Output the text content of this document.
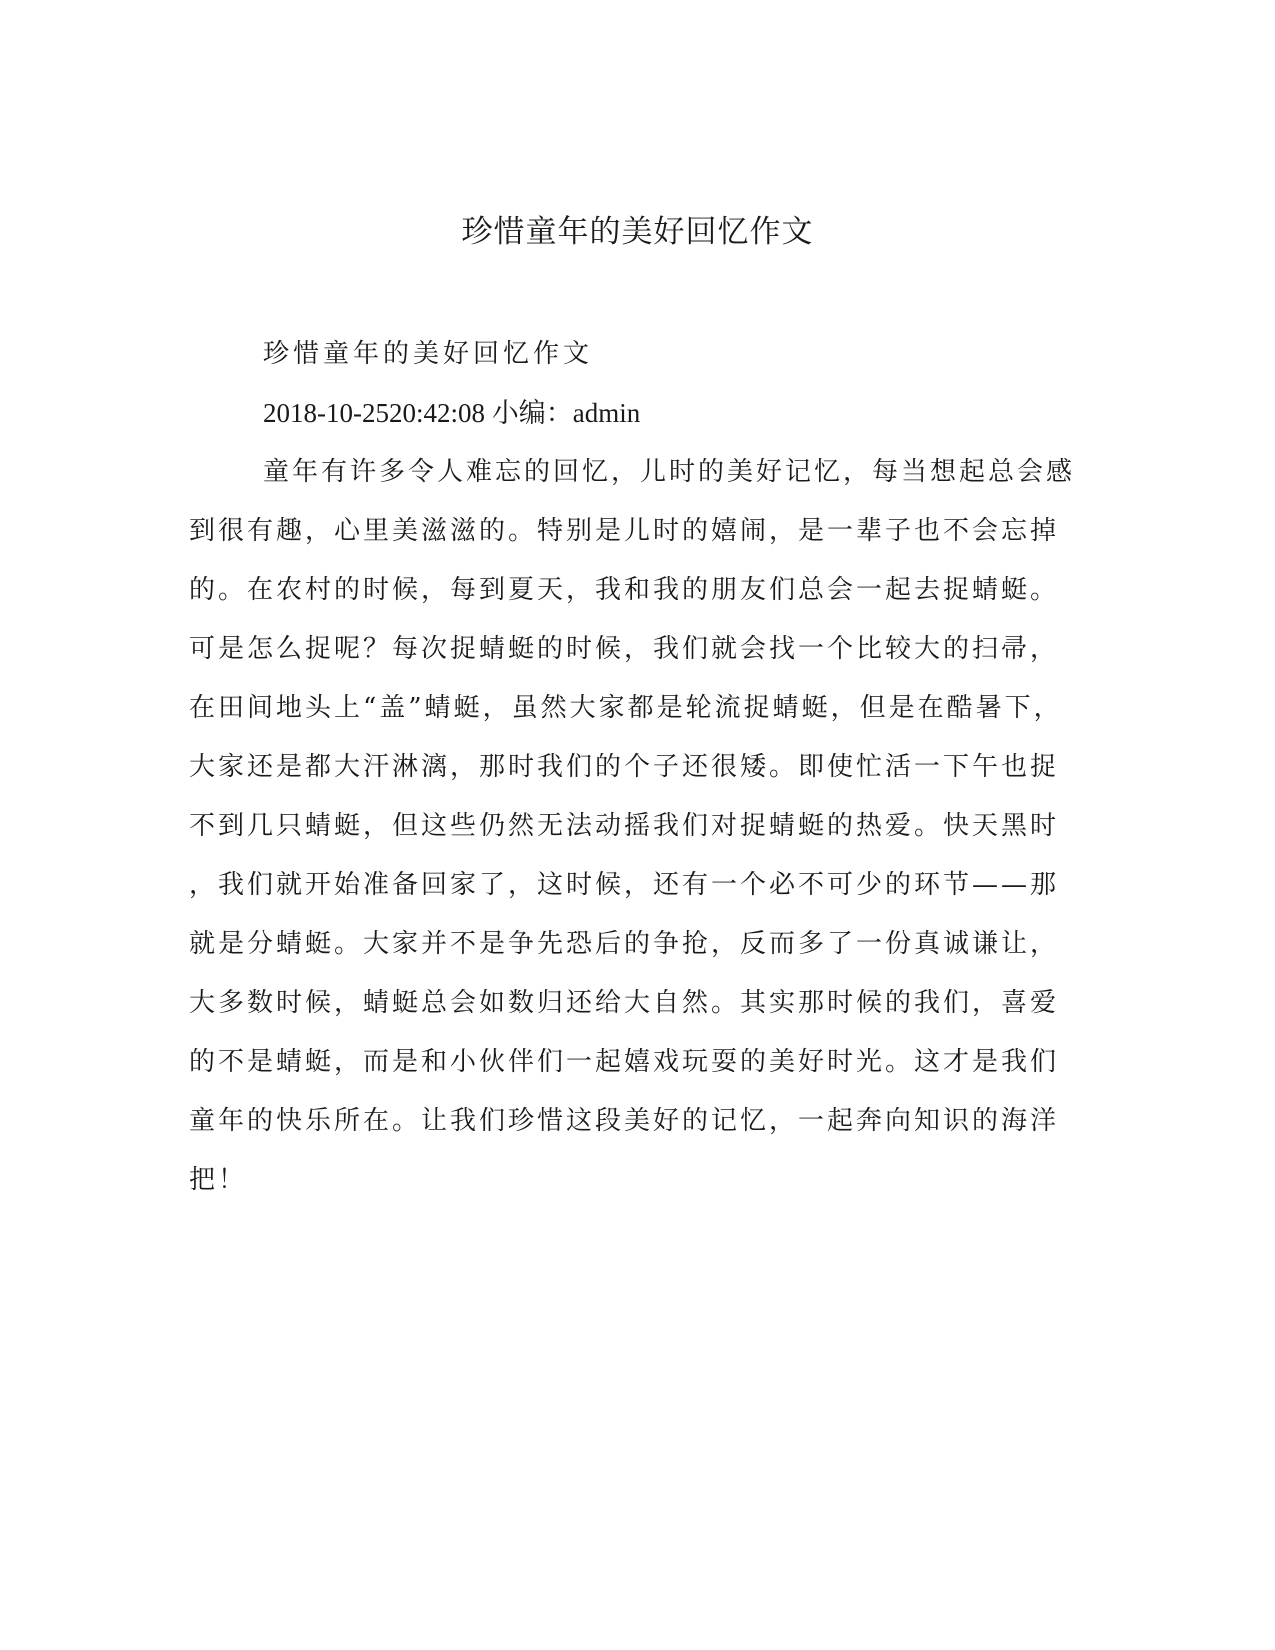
珍惜童年的美好回忆作文
珍惜童年的美好回忆作文
2018-10-2520:42:08 小编：admin
童年有许多令人难忘的回忆，儿时的美好记忆，每当想起总会感
到很有趣，心里美滋滋的。特别是儿时的嬉闹，是一辈子也不会忘掉
的。在农村的时候，每到夏天，我和我的朋友们总会一起去捉蜻蜓。
可是怎么捉呢？每次捉蜻蜓的时候，我们就会找一个比较大的扫帚，
在田间地头上“盖”蜻蜓，虽然大家都是轮流捉蜻蜓，但是在酷暑下，
大家还是都大汗淋漓，那时我们的个子还很矮。即使忙活一下午也捉
不到几只蜻蜓，但这些仍然无法动摇我们对捉蜻蜓的热爱。快天黑时
，我们就开始准备回家了，这时候，还有一个必不可少的环节——那
就是分蜻蜓。大家并不是争先恐后的争抢，反而多了一份真诚谦让，
大多数时候，蜻蜓总会如数归还给大自然。其实那时候的我们，喜爱
的不是蜻蜓，而是和小伙伴们一起嬉戏玩耍的美好时光。这才是我们
童年的快乐所在。让我们珍惜这段美好的记忆，一起奔向知识的海洋
把！
